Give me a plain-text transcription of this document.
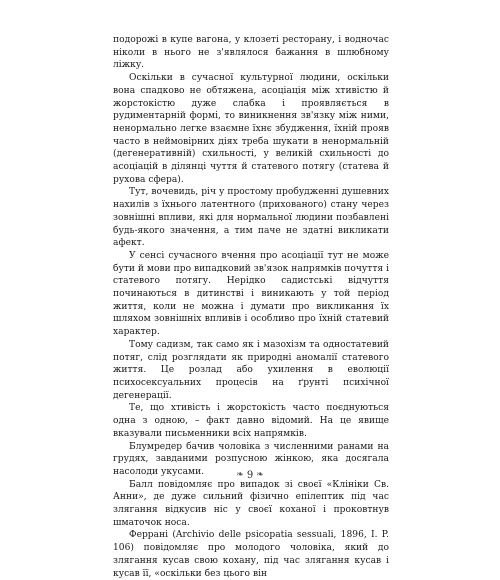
подорожі в купе вагона, у клозеті ресторану, і водночас ніколи в нього не з'являлося бажання в шлюбному ліжку.

Оскільки в сучасної культурної людини, оскільки вона спадково не обтяжена, асоціація між хтивістю й жорстокістю дуже слабка і проявляється в рудиментарній формі, то виникнення зв'язку між ними, ненормально легке взаємне їхнє збудження, їхній прояв часто в неймовірних діях треба шукати в ненормальній (дегенеративній) схильності, у великій схильності до асоціацій в ділянці чуття й статевого потягу (статева й рухова сфера).

Тут, вочевидь, річ у простому пробудженні душевних нахилів з їхнього латентного (прихованого) стану через зовнішні впливи, які для нормальної людини позбавлені будь-якого значення, а тим паче не здатні викликати афект.

У сенсі сучасного вчення про асоціації тут не може бути й мови про випадковий зв'язок напрямків почуття і статевого потягу. Нерідко садистські відчуття починаються в дитинстві і виникають у той період життя, коли не можна і думати про викликання їх шляхом зовнішніх впливів і особливо про їхній статевий характер.

Тому садизм, так само як і мазохізм та одностатевий потяг, слід розглядати як природні аномалії статевого життя. Це розлад або ухилення в еволюції психосексуальних процесів на ґрунті психічної дегенерації.

Те, що хтивість і жорстокість часто поєднуються одна з одною, – факт давно відомий. На це явище вказували письменники всіх напрямків.

Блумредер бачив чоловіка з численними ранами на грудях, завданими розпусною жінкою, яка досягала насолоди укусами.

Балл повідомляє про випадок зі своєї «Клініки Св. Анни», де дуже сильний фізично епілептик під час злягання відкусив ніс у своєї коханої і проковтнув шматочок носа.

Феррані (Archivio delle psicopatia sessuali, 1896, I. P. 106) повідомляє про молодого чоловіка, який до злягання кусав свою кохану, під час злягання кусав і кусав її, «оскільки без цього він

❧ 9 ❧
